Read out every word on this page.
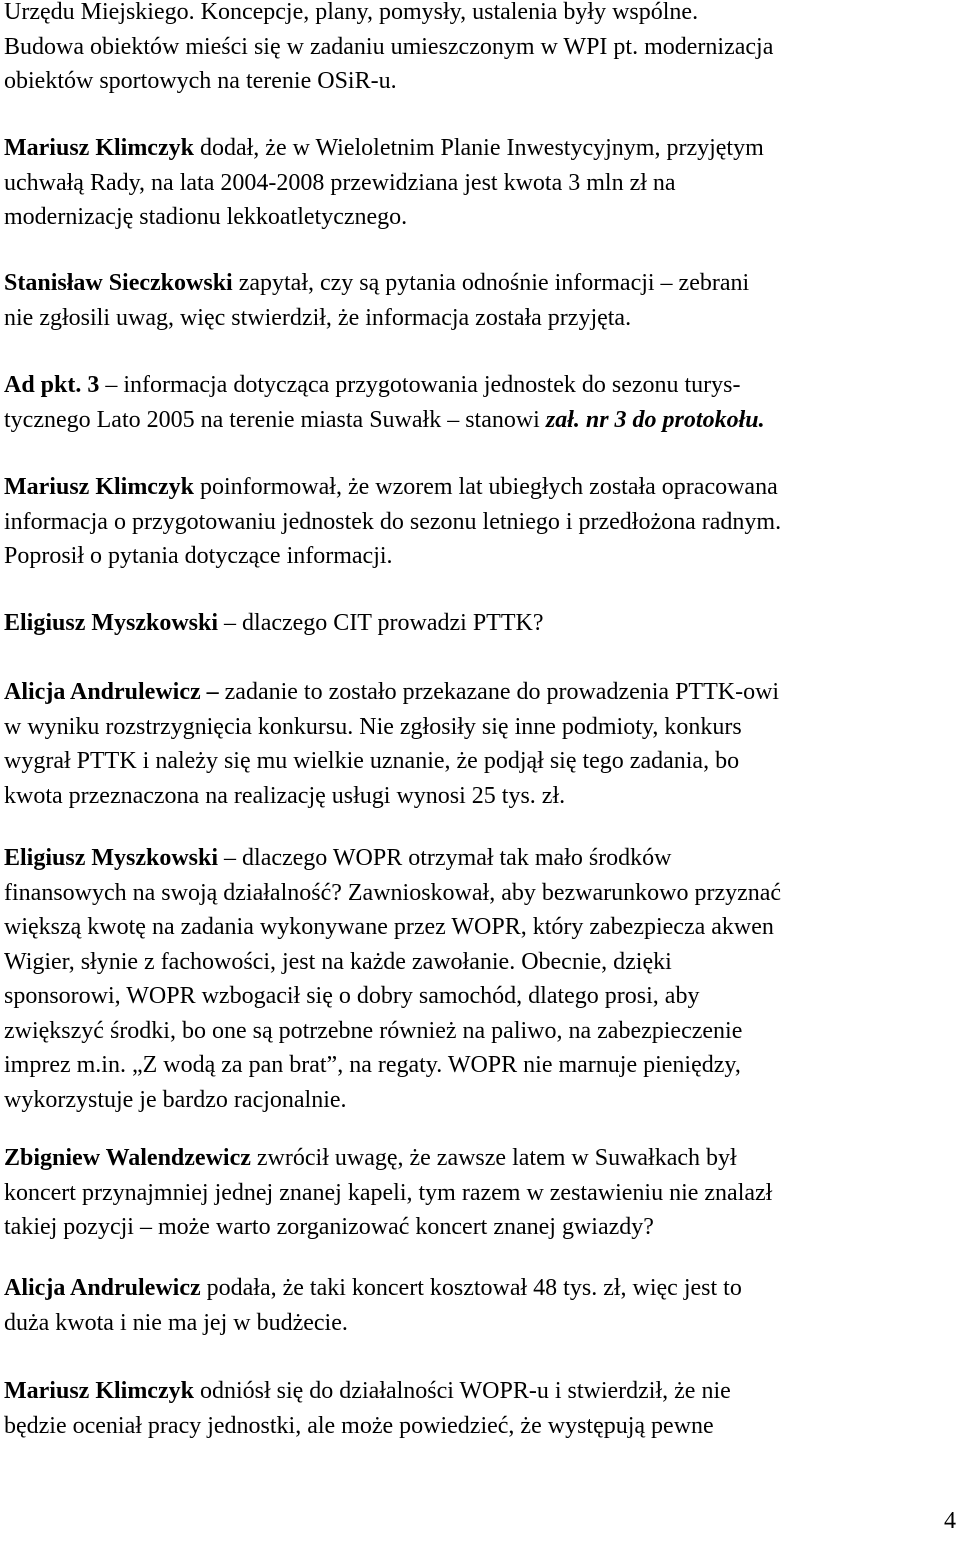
Urzędu Miejskiego. Koncepcje, plany, pomysły, ustalenia były wspólne.
Budowa obiektów mieści się w zadaniu umieszczonym w WPI pt. modernizacja
obiektów sportowych na terenie OSiR-u.

Mariusz Klimczyk dodał, że w Wieloletnim Planie Inwestycyjnym, przyjętym
uchwałą Rady, na lata 2004-2008 przewidziana jest kwota 3 mln zł na
modernizację stadionu lekkoatletycznego.

Stanisław Sieczkowski zapytał, czy są pytania odnośnie informacji – zebrani
nie zgłosili uwag, więc stwierdził, że informacja została przyjęta.

Ad pkt. 3 – informacja dotycząca przygotowania jednostek do sezonu turys-
tycznego Lato 2005 na terenie miasta Suwałk – stanowi zał. nr 3 do protokołu.

Mariusz Klimczyk poinformował, że wzorem lat ubiegłych została opracowana
informacja o przygotowaniu jednostek do sezonu letniego i przedłożona radnym.
Poprosił o pytania dotyczące informacji.

Eligiusz Myszkowski – dlaczego CIT prowadzi PTTK?

Alicja Andrulewicz – zadanie to zostało przekazane do prowadzenia PTTK-owi
w wyniku rozstrzygnięcia konkursu. Nie zgłosiły się inne podmioty, konkurs
wygrał PTTK i należy się mu wielkie uznanie, że podjął się tego zadania, bo
kwota przeznaczona na realizację usługi wynosi 25 tys. zł.

Eligiusz Myszkowski – dlaczego WOPR otrzymał tak mało środków
finansowych na swoją działalność? Zawnioskował, aby bezwarunkowo przyznać
większą kwotę na zadania wykonywane przez WOPR, który zabezpiecza akwen
Wigier, słynie z fachowości, jest na każde zawołanie. Obecnie, dzięki
sponsorowi, WOPR wzbogacił się o dobry samochód, dlatego prosi, aby
zwiększyć środki, bo one są potrzebne również na paliwo, na zabezpieczenie
imprez m.in. „Z wodą za pan brat”, na regaty. WOPR nie marnuje pieniędzy,
wykorzystuje je bardzo racjonalnie.

Zbigniew Walendzewicz zwrócił uwagę, że zawsze latem w Suwałkach był
koncert przynajmniej jednej znanej kapeli, tym razem w zestawieniu nie znalazł
takiej pozycji – może warto zorganizować koncert znanej gwiazdy?

Alicja Andrulewicz podała, że taki koncert kosztował 48 tys. zł, więc jest to
duża kwota i nie ma jej w budżecie.

Mariusz Klimczyk odniósł się do działalności WOPR-u i stwierdził, że nie
będzie oceniał pracy jednostki, ale może powiedzieć, że występują pewne

4
